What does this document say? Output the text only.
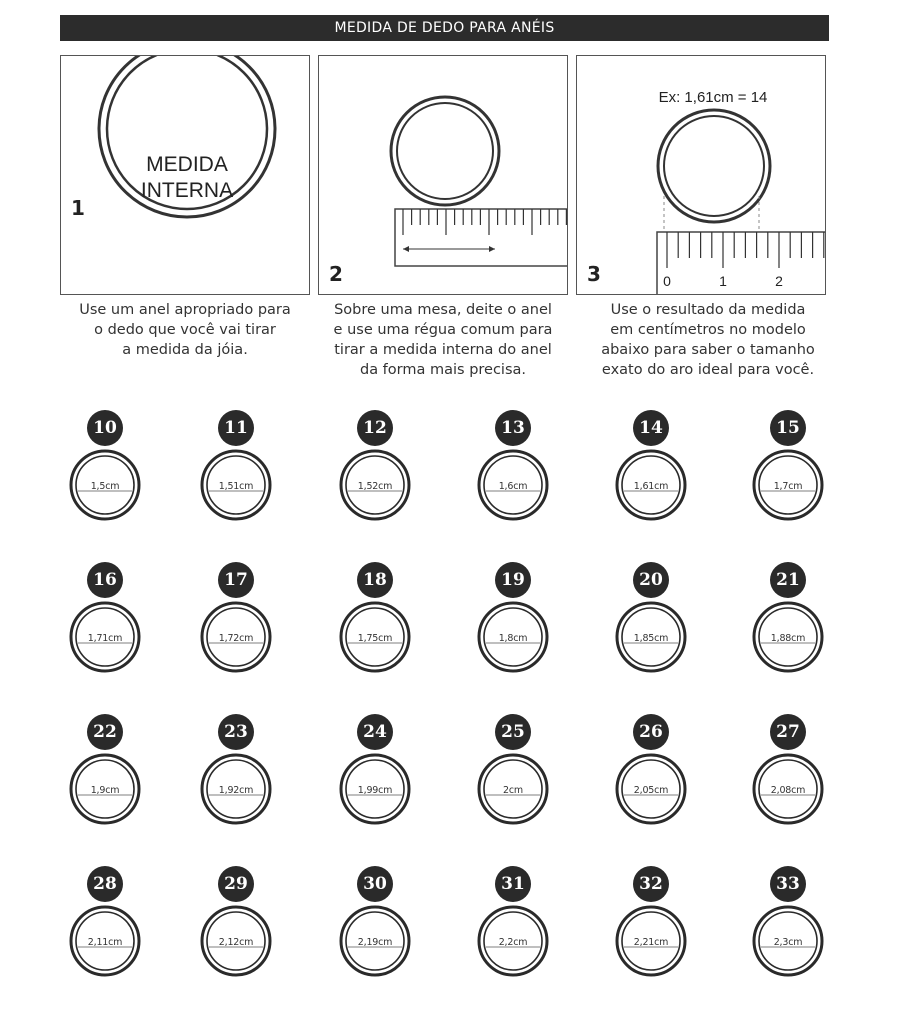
MEDIDA DE DEDO PARA ANÉIS
MEDIDA
INTERNA
1
2
Ex: 1,61cm = 14
0	1	2
3
Use um anel apropriado para
o dedo que você vai tirar
a medida da jóia.
Sobre uma mesa, deite o anel
e use uma régua comum para
tirar a medida interna do anel
da forma mais precisa.
Use o resultado da medida
em centímetros no modelo
abaixo para saber o tamanho
exato do aro ideal para você.
10
1,5cm
11
1,51cm
12
1,52cm
13
1,6cm
14
1,61cm
15
1,7cm
16
1,71cm
17
1,72cm
18
1,75cm
19
1,8cm
20
1,85cm
21
1,88cm
22
1,9cm
23
1,92cm
24
1,99cm
25
2cm
26
2,05cm
27
2,08cm
28
2,11cm
29
2,12cm
30
2,19cm
31
2,2cm
32
2,21cm
33
2,3cm
